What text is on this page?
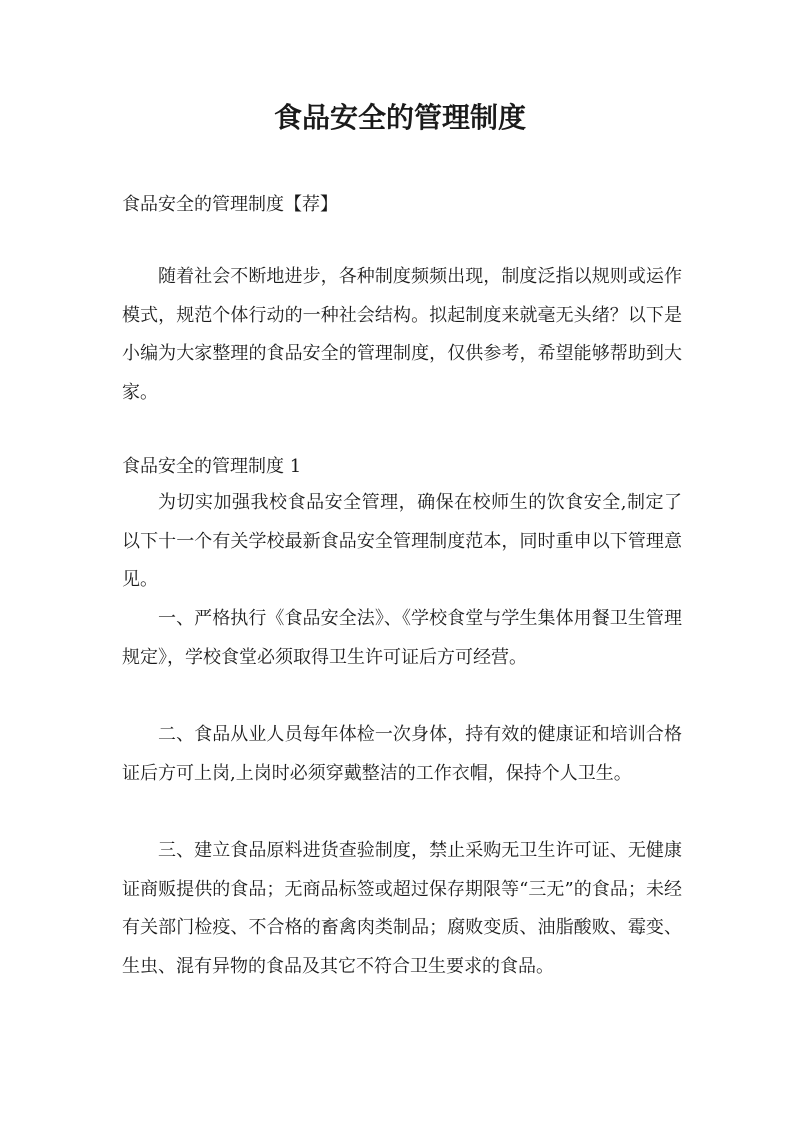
食品安全的管理制度

食品安全的管理制度【荐】

随着社会不断地进步，各种制度频频出现，制度泛指以规则或运作模式，规范个体行动的一种社会结构。拟起制度来就毫无头绪？以下是小编为大家整理的食品安全的管理制度，仅供参考，希望能够帮助到大家。

食品安全的管理制度 1

为切实加强我校食品安全管理，确保在校师生的饮食安全,制定了以下十一个有关学校最新食品安全管理制度范本，同时重申以下管理意见。

一、严格执行《食品安全法》、《学校食堂与学生集体用餐卫生管理规定》，学校食堂必须取得卫生许可证后方可经营。

二、食品从业人员每年体检一次身体，持有效的健康证和培训合格证后方可上岗,上岗时必须穿戴整洁的工作衣帽，保持个人卫生。

三、建立食品原料进货查验制度，禁止采购无卫生许可证、无健康证商贩提供的食品；无商品标签或超过保存期限等“三无”的食品；未经有关部门检疫、不合格的畜禽肉类制品；腐败变质、油脂酸败、霉变、生虫、混有异物的食品及其它不符合卫生要求的食品。
